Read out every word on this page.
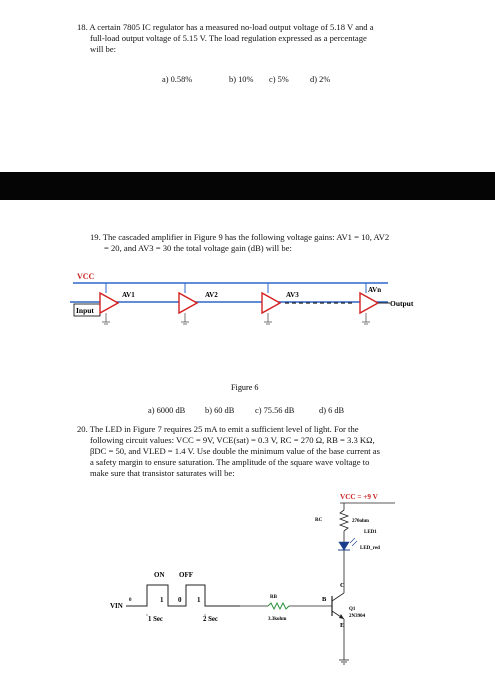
18. A certain 7805 IC regulator has a measured no-load output voltage of 5.18 V and a
full-load output voltage of 5.15 V. The load regulation expressed as a percentage
will be:
a) 0.58%	b) 10% c) 5%	d) 2%
19. The cascaded amplifier in Figure 9 has the following voltage gains: AV1 = 10, AV2
= 20, and AV3 = 30 the total voltage gain (dB) will be:
VCC
Input
AV1	AV2	AV3
AVn
Output
Figure 6
a) 6000 dB b) 60 dB c) 75.56 dB	d) 6 dB
20. The LED in Figure 7 requires 25 mA to emit a sufficient level of light. For the
following circuit values: VCC = 9V, VCE(sat) = 0.3 V, RC = 270 Ω, RB = 3.3 KΩ,
βDC = 50, and VLED = 1.4 V. Use double the minimum value of the base current as
a safety margin to ensure saturation. The amplitude of the square wave voltage to
make sure that transistor saturates will be:
VCC = +9 V
RC	270ohm
LED1
LED_red
C
ON OFF
VIN
0	1 0 1
1 Sec	2 Sec
RB
3.3kohm
B
Q1
2N3904
E
